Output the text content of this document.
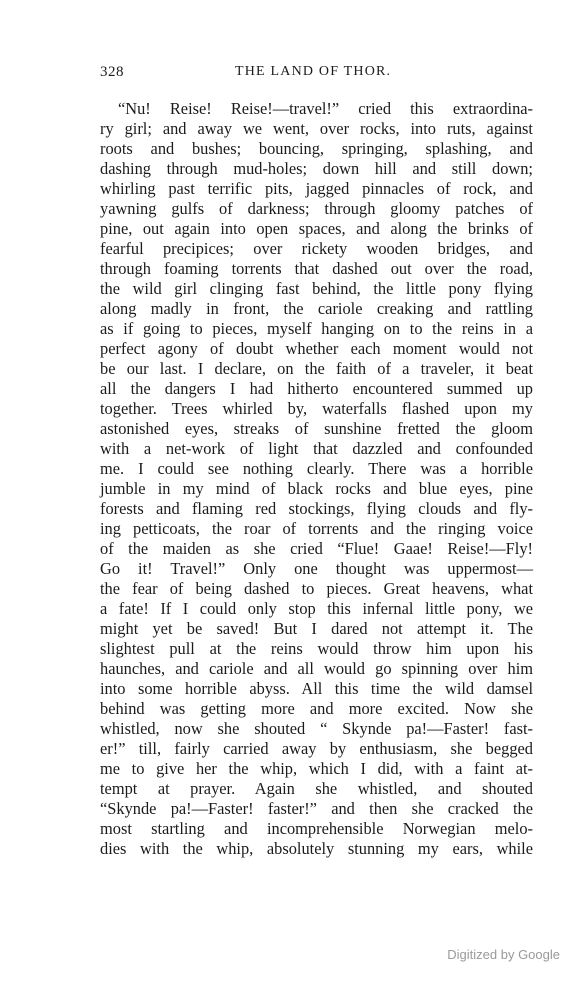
328	THE LAND OF THOR.
“Nu! Reise! Reise!—travel!” cried this extraordina-
ry girl; and away we went, over rocks, into ruts, against
roots and bushes; bouncing, springing, splashing, and
dashing through mud-holes; down hill and still down;
whirling past terrific pits, jagged pinnacles of rock, and
yawning gulfs of darkness; through gloomy patches of
pine, out again into open spaces, and along the brinks of
fearful precipices; over rickety wooden bridges, and
through foaming torrents that dashed out over the road,
the wild girl clinging fast behind, the little pony flying
along madly in front, the cariole creaking and rattling
as if going to pieces, myself hanging on to the reins in a
perfect agony of doubt whether each moment would not
be our last. I declare, on the faith of a traveler, it beat
all the dangers I had hitherto encountered summed up
together. Trees whirled by, waterfalls flashed upon my
astonished eyes, streaks of sunshine fretted the gloom
with a net-work of light that dazzled and confounded
me. I could see nothing clearly. There was a horrible
jumble in my mind of black rocks and blue eyes, pine
forests and flaming red stockings, flying clouds and fly-
ing petticoats, the roar of torrents and the ringing voice
of the maiden as she cried “Flue! Gaae! Reise!—Fly!
Go it! Travel!” Only one thought was uppermost—
the fear of being dashed to pieces. Great heavens, what
a fate! If I could only stop this infernal little pony, we
might yet be saved! But I dared not attempt it. The
slightest pull at the reins would throw him upon his
haunches, and cariole and all would go spinning over him
into some horrible abyss. All this time the wild damsel
behind was getting more and more excited. Now she
whistled, now she shouted “ Skynde pa!—Faster! fast-
er!” till, fairly carried away by enthusiasm, she begged
me to give her the whip, which I did, with a faint at-
tempt at prayer. Again she whistled, and shouted
“Skynde pa!—Faster! faster!” and then she cracked the
most startling and incomprehensible Norwegian melo-
dies with the whip, absolutely stunning my ears, while
Digitized by Google
